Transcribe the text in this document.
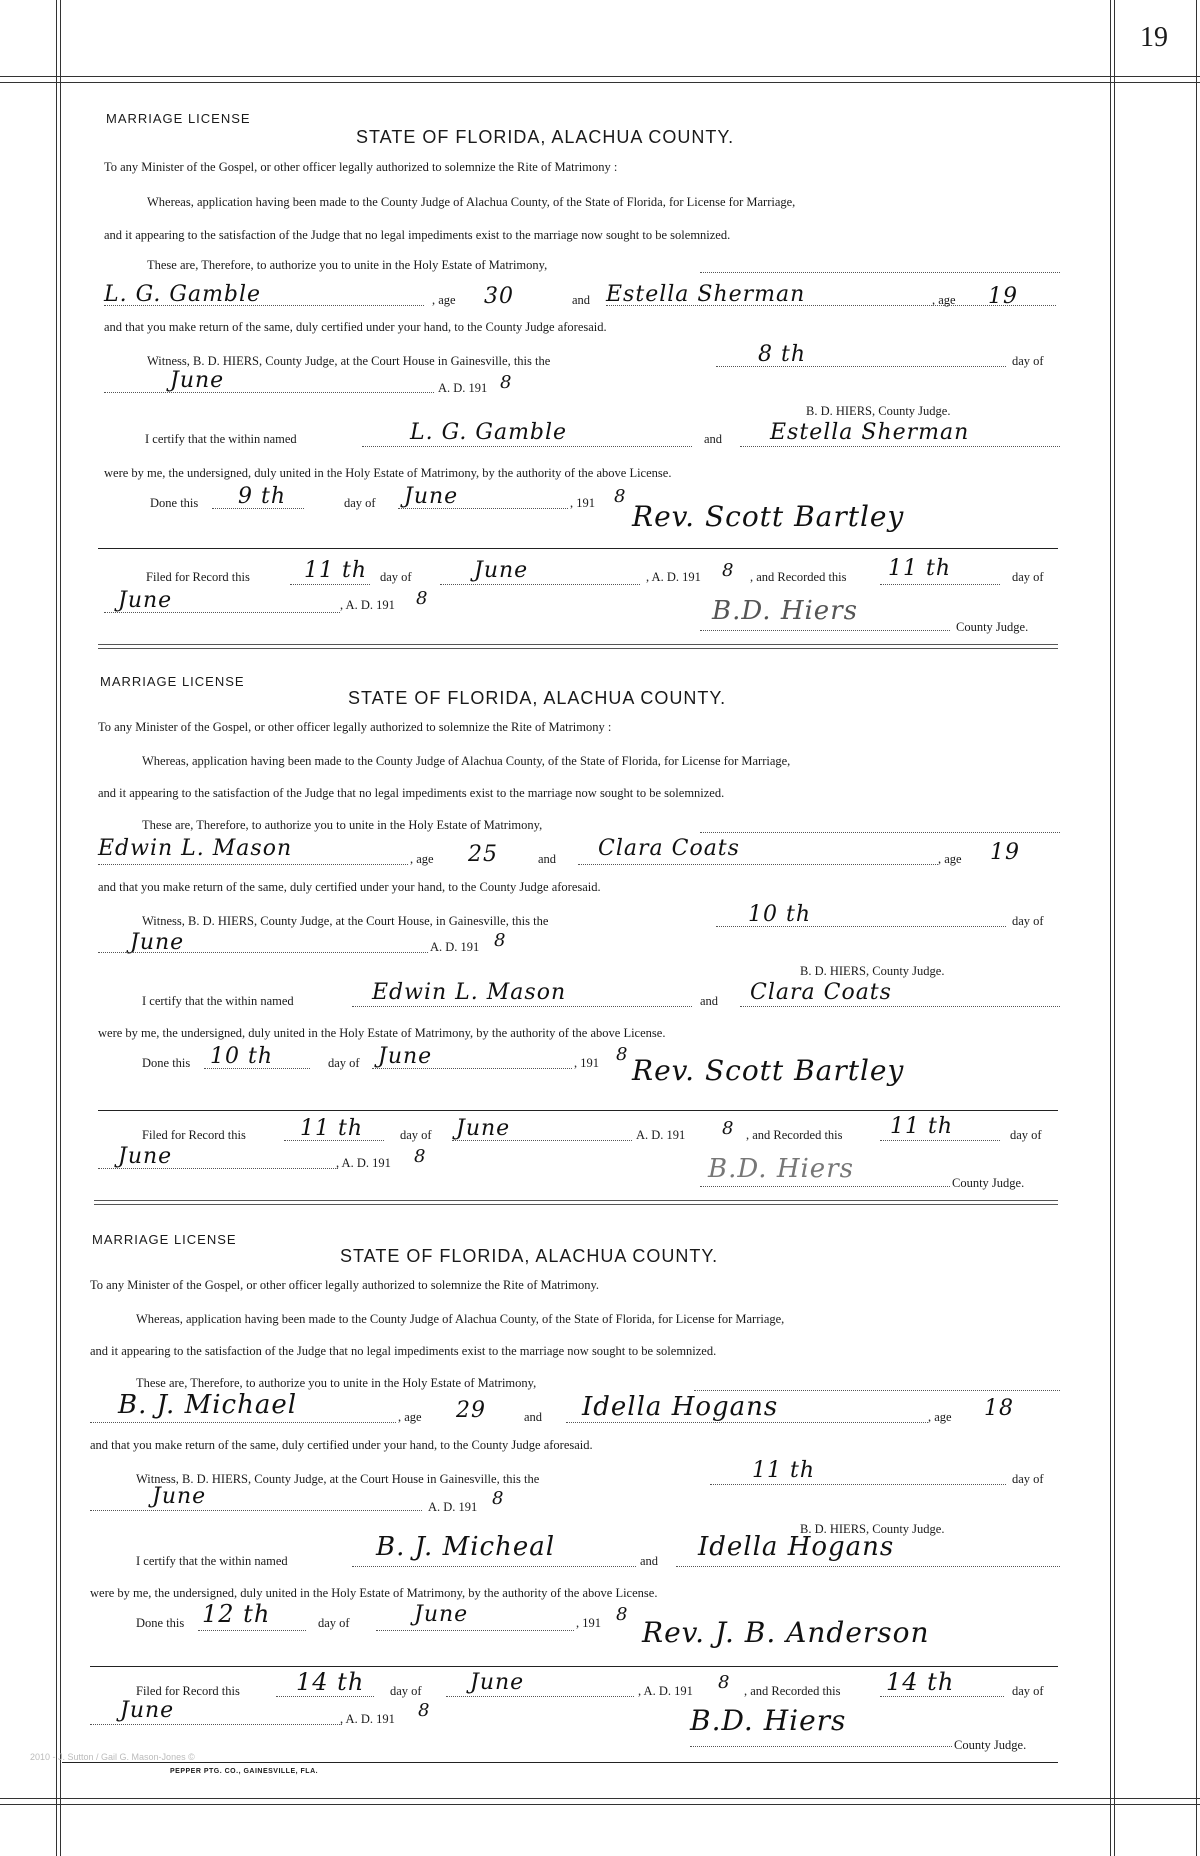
19
MARRIAGE LICENSE
STATE OF FLORIDA, ALACHUA COUNTY.
To any Minister of the Gospel, or other officer legally authorized to solemnize the Rite of Matrimony :
Whereas, application having been made to the County Judge of Alachua County, of the State of Florida, for License for Marriage,
and it appearing to the satisfaction of the Judge that no legal impediments exist to the marriage now sought to be solemnized.
These are, Therefore, to authorize you to unite in the Holy Estate of Matrimony,
L. G. Gamble	, age 30	and Estella Sherman	, age 19
and that you make return of the same, duly certified under your hand, to the County Judge aforesaid.
Witness, B. D. HIERS, County Judge, at the Court House in Gainesville, this the	8 th	day of
June	A. D. 191 8
B. D. HIERS, County Judge.
I certify that the within named	L. G. Gamble	and Estella Sherman
were by me, the undersigned, duly united in the Holy Estate of Matrimony, by the authority of the above License.
Done this 9 th	day of June	, 191 8
Rev. Scott Bartley
Filed for Record this 11 th day of	June	, A. D. 191 8 , and Recorded this 11 th	day of
June	, A. D. 191 8	B.D. Hiers
County Judge.
MARRIAGE LICENSE
STATE OF FLORIDA, ALACHUA COUNTY.
To any Minister of the Gospel, or other officer legally authorized to solemnize the Rite of Matrimony :
Whereas, application having been made to the County Judge of Alachua County, of the State of Florida, for License for Marriage,
and it appearing to the satisfaction of the Judge that no legal impediments exist to the marriage now sought to be solemnized.
These are, Therefore, to authorize you to unite in the Holy Estate of Matrimony,
Edwin L. Mason	, age 25	and Clara Coats	, age 19
and that you make return of the same, duly certified under your hand, to the County Judge aforesaid.
Witness, B. D. HIERS, County Judge, at the Court House, in Gainesville, this the	10 th	day of
June	A. D. 191 8
B. D. HIERS, County Judge.
I certify that the within named	Edwin L. Mason	and Clara Coats
were by me, the undersigned, duly united in the Holy Estate of Matrimony, by the authority of the above License.
Done this 10 th	day of June	, 191 8 Rev. Scott Bartley
Filed for Record this 11 th	day of June	A. D. 191 8 , and Recorded this 11 th	day of
June	, A. D. 191 8	B.D. Hiers	County Judge.
MARRIAGE LICENSE
STATE OF FLORIDA, ALACHUA COUNTY.
To any Minister of the Gospel, or other officer legally authorized to solemnize the Rite of Matrimony.
Whereas, application having been made to the County Judge of Alachua County, of the State of Florida, for License for Marriage,
and it appearing to the satisfaction of the Judge that no legal impediments exist to the marriage now sought to be solemnized.
These are, Therefore, to authorize you to unite in the Holy Estate of Matrimony,
B. J. Michael	, age 29	and Idella Hogans	, age 18
and that you make return of the same, duly certified under your hand, to the County Judge aforesaid.
Witness, B. D. HIERS, County Judge, at the Court House in Gainesville, this the	11 th	day of
June	A. D. 191 8
B. D. HIERS, County Judge.
I certify that the within named	B. J. Micheal	and Idella Hogans
were by me, the undersigned, duly united in the Holy Estate of Matrimony, by the authority of the above License.
Done this 12 th	day of	June	, 191 8
Rev. J. B. Anderson
Filed for Record this 14 th day of June	, A. D. 191 8 , and Recorded this 14 th	day of
June	, A. D. 191 8	B.D. Hiers
County Judge.
2010 - J. Sutton / Gail G. Mason-Jones ©
PEPPER PTG. CO., GAINESVILLE, FLA.
